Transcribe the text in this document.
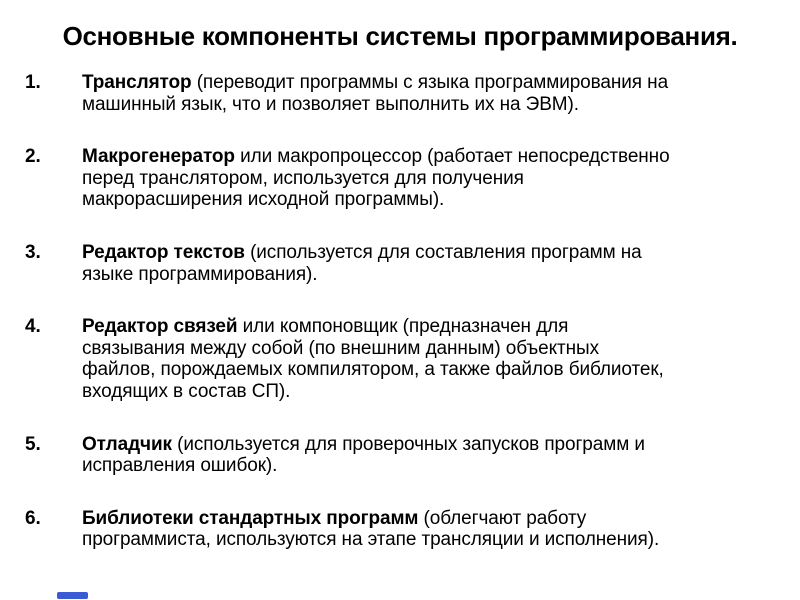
Основные компоненты системы программирования.
1.	Транслятор (переводит программы с языка программирования на
машинный язык, что и позволяет выполнить их на ЭВМ).
2.	Макрогенератор или макропроцессор (работает непосредственно
перед транслятором, используется для получения
макрорасширения исходной программы).
3.	Редактор текстов (используется для составления программ на
языке программирования).
4.	Редактор связей или компоновщик (предназначен для
связывания между собой (по внешним данным) объектных
файлов, порождаемых компилятором, а также файлов библиотек,
входящих в состав СП).
5.	Отладчик (используется для проверочных запусков программ и
исправления ошибок).
6.	Библиотеки стандартных программ (облегчают работу
программиста, используются на этапе трансляции и исполнения).
